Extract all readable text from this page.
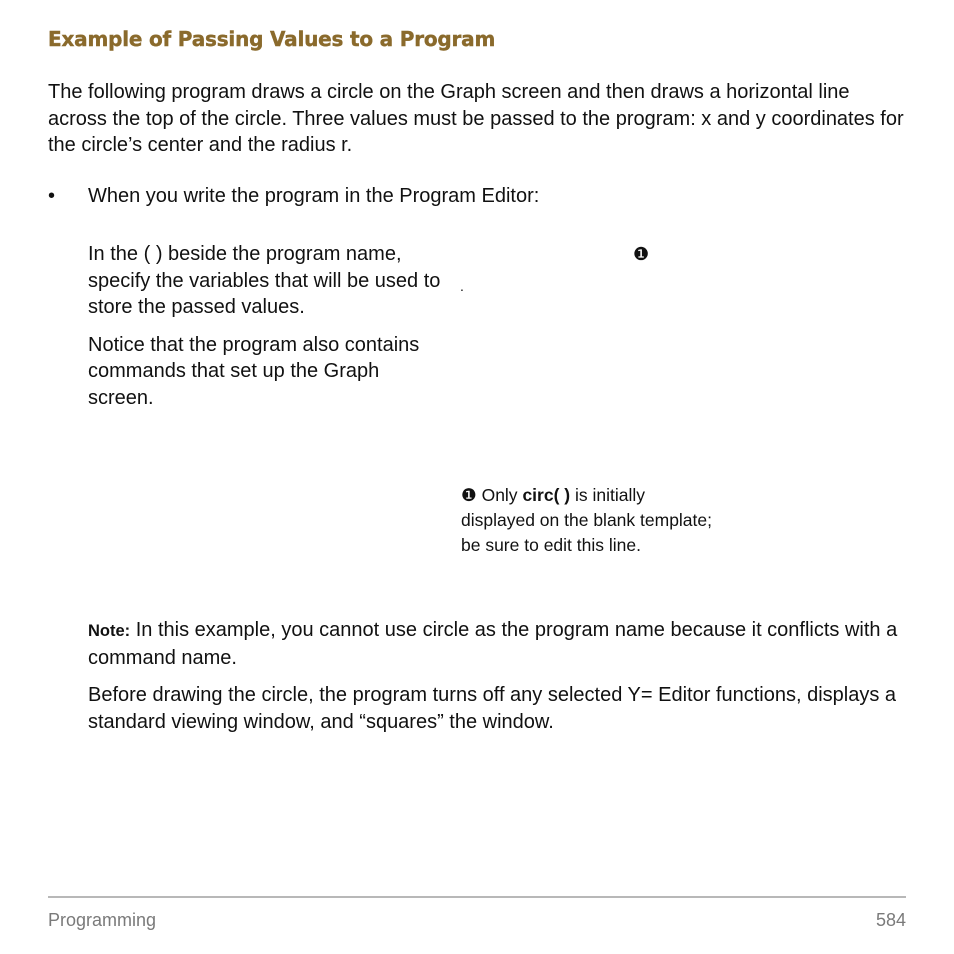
Example of Passing Values to a Program
The following program draws a circle on the Graph screen and then draws a horizontal line across the top of the circle. Three values must be passed to the program: x and y coordinates for the circle’s center and the radius r.
• When you write the program in the Program Editor:

In the ( ) beside the program name, specify the variables that will be used to store the passed values.

Notice that the program also contains commands that set up the Graph screen.

❶
.
❶ Only circ( ) is initially displayed on the blank template; be sure to edit this line.

Note: In this example, you cannot use circle as the program name because it conflicts with a command name.

Before drawing the circle, the program turns off any selected Y= Editor functions, displays a standard viewing window, and “squares” the window.

Programming	584
